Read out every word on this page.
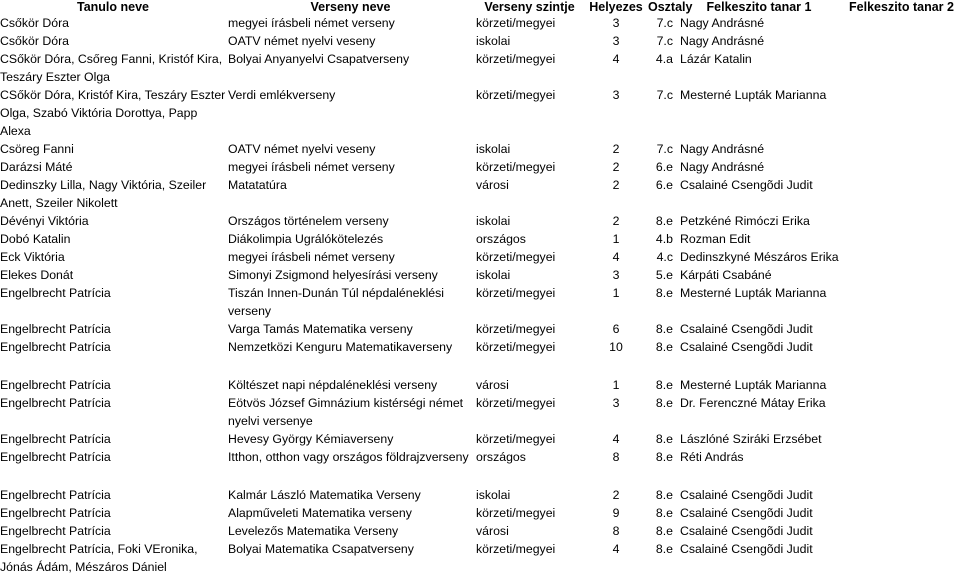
Tanulo neve	Verseny neve	Verseny szintje	Helyezes	Osztaly	Felkeszito tanar 1	Felkeszito tanar 2
Csőkör Dóra	megyei írásbeli német verseny	körzeti/megyei	3	7.c	Nagy Andrásné	
Csőkör Dóra	OATV német nyelvi veseny	iskolai	3	7.c	Nagy Andrásné	
CSőkör Dóra, Csőreg Fanni, Kristóf Kira,	Bolyai Anyanyelvi Csapatverseny	körzeti/megyei	4	4.a	Lázár Katalin	
Teszáry Eszter Olga						
CSőkör Dóra, Kristóf Kira, Teszáry Eszter	Verdi emlékverseny	körzeti/megyei	3	7.c	Mesterné Lupták Marianna	
Olga, Szabó Viktória Dorottya, Papp						
Alexa						
Csöreg Fanni	OATV német nyelvi veseny	iskolai	2	7.c	Nagy Andrásné	
Darázsi Máté	megyei írásbeli német verseny	körzeti/megyei	2	6.e	Nagy Andrásné	
Dedinszky Lilla, Nagy Viktória, Szeiler	Matatatúra	városi	2	6.e	Csalainé Csengõdi Judit	
Anett, Szeiler Nikolett						
Dévényi Viktória	Országos történelem verseny	iskolai	2	8.e	Petzkéné Rimóczi Erika	
Dobó Katalin	Diákolimpia Ugrálókötelezés	országos	1	4.b	Rozman Edit	
Eck Viktória	megyei írásbeli német verseny	körzeti/megyei	4	4.c	Dedinszkyné Mészáros Erika	
Elekes Donát	Simonyi Zsigmond helyesírási verseny	iskolai	3	5.e	Kárpáti Csabáné	
Engelbrecht Patrícia	Tiszán Innen-Dunán Túl népdaléneklési	körzeti/megyei	1	8.e	Mesterné Lupták Marianna	
	verseny					
Engelbrecht Patrícia	Varga Tamás Matematika verseny	körzeti/megyei	6	8.e	Csalainé Csengõdi Judit	
Engelbrecht Patrícia	Nemzetközi Kenguru Matematikaverseny	körzeti/megyei	10	8.e	Csalainé Csengõdi Judit	

Engelbrecht Patrícia	Költészet napi népdaléneklési verseny	városi	1	8.e	Mesterné Lupták Marianna	
Engelbrecht Patrícia	Eötvös József Gimnázium kistérségi német	körzeti/megyei	3	8.e	Dr. Ferenczné Mátay Erika	
	nyelvi versenye					
Engelbrecht Patrícia	Hevesy György Kémiaverseny	körzeti/megyei	4	8.e	Lászlóné Sziráki Erzsébet	
Engelbrecht Patrícia	Itthon, otthon vagy országos földrajzverseny	országos	8	8.e	Réti András	

Engelbrecht Patrícia	Kalmár László Matematika Verseny	iskolai	2	8.e	Csalainé Csengõdi Judit	
Engelbrecht Patrícia	Alapműveleti Matematika verseny	körzeti/megyei	9	8.e	Csalainé Csengõdi Judit	
Engelbrecht Patrícia	Levelezős Matematika Verseny	városi	8	8.e	Csalainé Csengõdi Judit	
Engelbrecht Patrícia, Foki VEronika,	Bolyai Matematika Csapatverseny	körzeti/megyei	4	8.e	Csalainé Csengõdi Judit	
Jónás Ádám, Mészáros Dániel						
